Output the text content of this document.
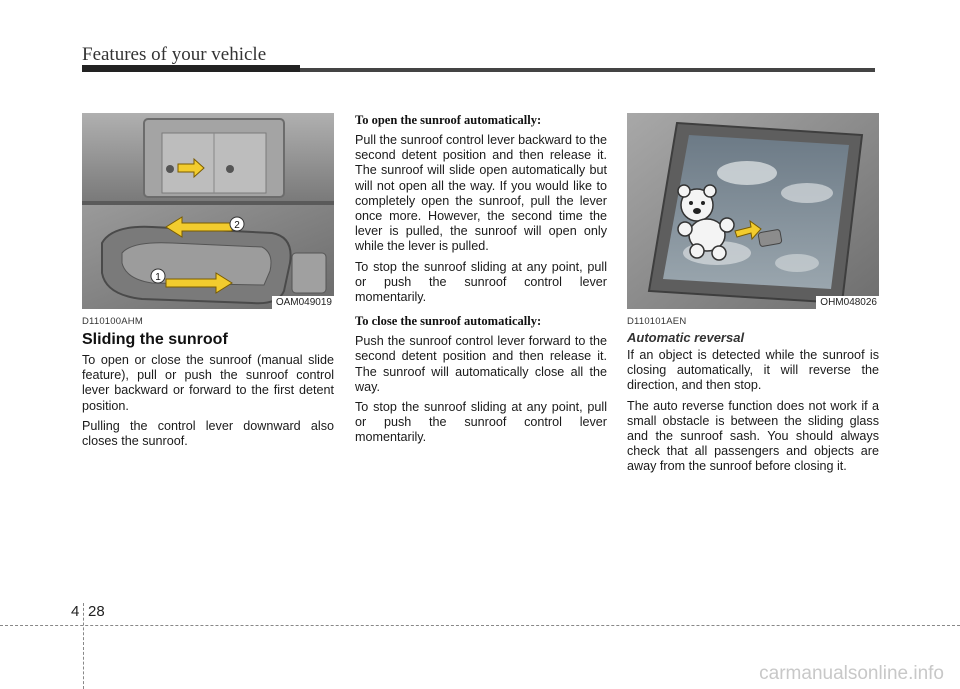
Features of your vehicle
2
1
OAM049019
D110100AHM
Sliding the sunroof

To open or close the sunroof (manual slide feature), pull or push the sunroof control lever backward or forward to the first detent position.

Pulling the control lever downward also closes the sunroof.

To open the sunroof automatically:

Pull the sunroof control lever backward to the second detent position and then release it. The sunroof will slide open automatically but will not open all the way. If you would like to completely open the sunroof, pull the lever once more. However, the second time the lever is pulled, the sunroof will open only while the lever is pulled.

To stop the sunroof sliding at any point, pull or push the sunroof control lever momentarily.

To close the sunroof automatically:

Push the sunroof control lever forward to the second detent position and then release it. The sunroof will automatically close all the way.

To stop the sunroof sliding at any point, pull or push the sunroof control lever momentarily.

OHM048026
D110101AEN
Automatic reversal

If an object is detected while the sunroof is closing automatically, it will reverse the direction, and then stop.

The auto reverse function does not work if a small obstacle is between the sliding glass and the sunroof sash. You should always check that all passengers and objects are away from the sunroof before closing it.

4 28
carmanualsonline.info
